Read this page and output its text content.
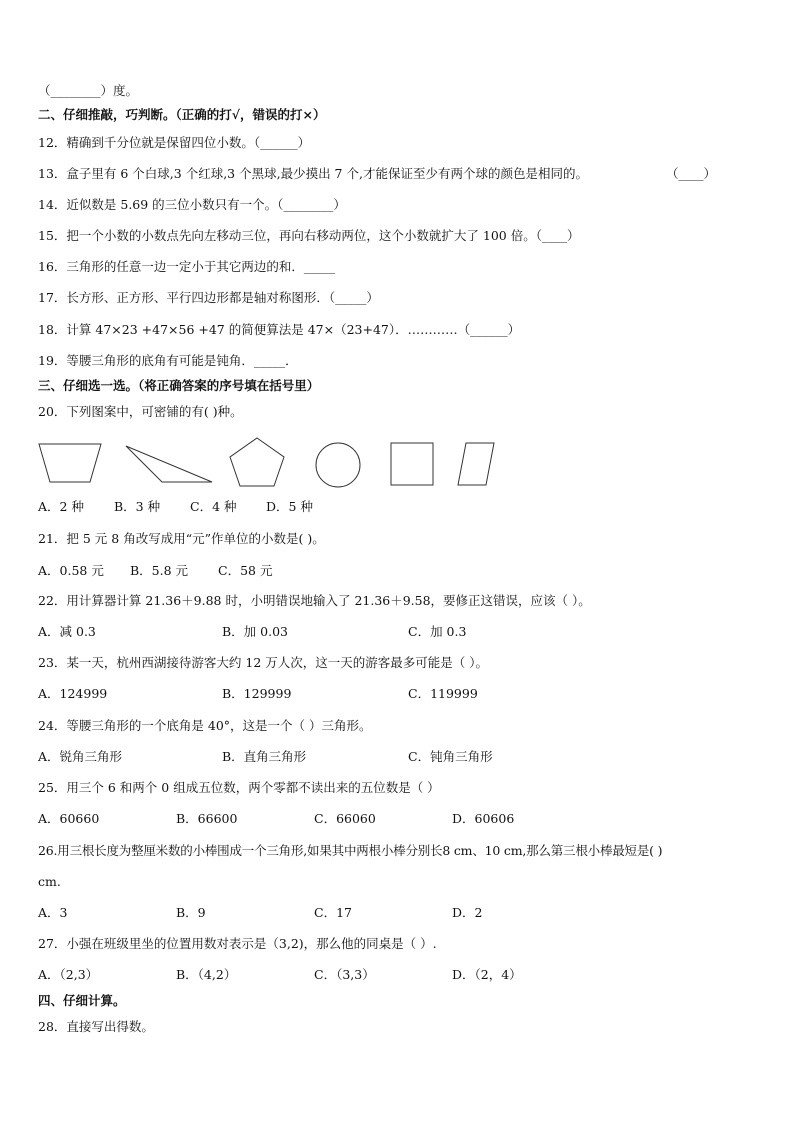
（________）度。
二、仔细推敲，巧判断。（正确的打√，错误的打×）
12．精确到千分位就是保留四位小数。（______）
13．盒子里有 6 个白球,3 个红球,3 个黑球,最少摸出 7 个,才能保证至少有两个球的颜色是相同的。	（____）
14．近似数是 5.69 的三位小数只有一个。（________）
15．把一个小数的小数点先向左移动三位，再向右移动两位，这个小数就扩大了 100 倍。（____）
16．三角形的任意一边一定小于其它两边的和．_____
17．长方形、正方形、平行四边形都是轴对称图形．（_____）
18．计算 47×23 +47×56 +47 的简便算法是 47×（23+47）．…………（______）
19．等腰三角形的底角有可能是钝角．_____．
三、仔细选一选。（将正确答案的序号填在括号里）
20．下列图案中，可密铺的有( )种。
A．2 种 B．3 种 C．4 种 D．5 种
21．把 5 元 8 角改写成用“元”作单位的小数是( )。
A．0.58 元 B．5.8 元 C．58 元
22．用计算器计算 21.36＋9.88 时，小明错误地输入了 21.36＋9.58，要修正这错误，应该（ ）。
A．减 0.3	B．加 0.03	C．加 0.3
23．某一天，杭州西湖接待游客大约 12 万人次，这一天的游客最多可能是（ ）。
A．124999	B．129999	C．119999
24．等腰三角形的一个底角是 40°，这是一个（ ）三角形。
A．锐角三角形	B．直角三角形	C．钝角三角形
25．用三个 6 和两个 0 组成五位数，两个零都不读出来的五位数是（ ）
A．60660	B．66600	C．66060	D．60606
26.用三根长度为整厘米数的小棒围成一个三角形,如果其中两根小棒分别长8 cm、10 cm,那么第三根小棒最短是( )
cm.
A．3	B．9	C．17	D．2
27．小强在班级里坐的位置用数对表示是（3,2)，那么他的同桌是（ ）.
A．（2,3）	B．（4,2）	C．（3,3）	D．（2，4）
四、仔细计算。
28．直接写出得数。
